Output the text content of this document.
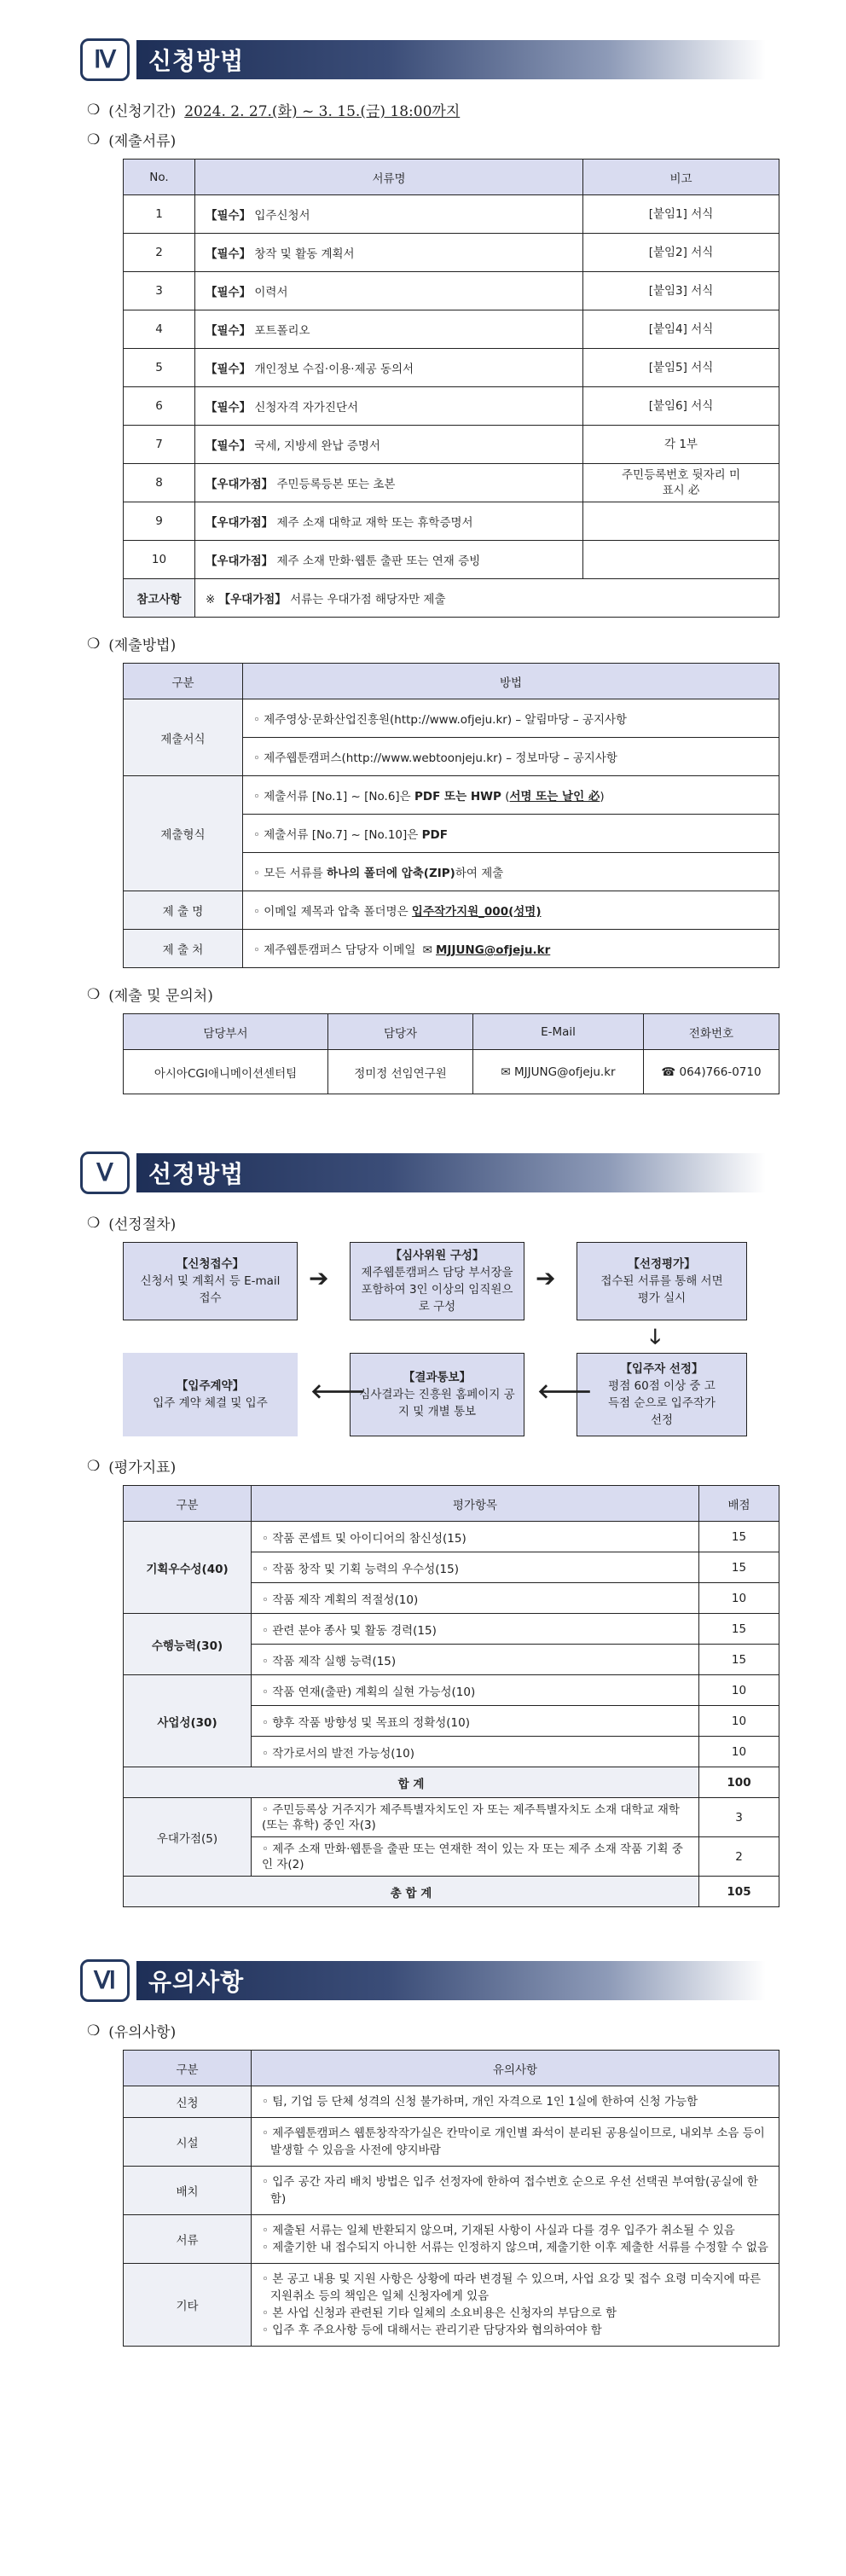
Ⅳ	신청방법
❍ (신청기간) 2024. 2. 27.(화) ~ 3. 15.(금) 18:00까지
❍ (제출서류)
No.	서류명	비고
1	【필수】 입주신청서	[붙임1] 서식
2	【필수】 창작 및 활동 계획서	[붙임2] 서식
3	【필수】 이력서	[붙임3] 서식
4	【필수】 포트폴리오	[붙임4] 서식
5	【필수】 개인정보 수집·이용·제공 동의서	[붙임5] 서식
6	【필수】 신청자격 자가진단서	[붙임6] 서식
7	【필수】 국세, 지방세 완납 증명서	각 1부
8	【우대가점】 주민등록등본 또는 초본	주민등록번호 뒷자리 미표시 必
9	【우대가점】 제주 소재 대학교 재학 또는 휴학증명서	
10	【우대가점】 제주 소재 만화·웹툰 출판 또는 연재 증빙	
참고사항	※ 【우대가점】 서류는 우대가점 해당자만 제출	
❍ (제출방법)
구분	방법
제출서식	◦ 제주영상·문화산업진흥원(http://www.ofjeju.kr) – 알림마당 – 공지사항
	◦ 제주웹툰캠퍼스(http://www.webtoonjeju.kr) – 정보마당 – 공지사항
제출형식	◦ 제출서류 [No.1] ~ [No.6]은 PDF 또는 HWP (서명 또는 날인 必)
	◦ 제출서류 [No.7] ~ [No.10]은 PDF
	◦ 모든 서류를 하나의 폴더에 압축(ZIP)하여 제출
제 출 명	◦ 이메일 제목과 압축 폴더명은 입주작가지원_000(성명)
제 출 처	◦ 제주웹툰캠퍼스 담당자 이메일 ✉ MJJUNG@ofjeju.kr
❍ (제출 및 문의처)
담당부서	담당자	E-Mail	전화번호
아시아CGI애니메이션센터팀	정미정 선임연구원	✉ MJJUNG@ofjeju.kr	☎ 064)766-0710
Ⅴ	선정방법
❍ (선정절차)
【신청접수】
신청서 및 계획서 등 E-mail 접수
➔
【심사위원 구성】
제주웹툰캠퍼스 담당 부서장을 포함하여 3인 이상의 임직원으로 구성
➔	【선정평가】
접수된 서류를 통해 서면평가 실시
🡓
【입주자 선정】
평점 60점 이상 중 고득점 순으로 입주작가 선정
🡐
【결과통보】
심사결과는 진흥원 홈페이지 공지 및 개별 통보
🡐
【입주계약】
입주 계약 체결 및 입주
❍ (평가지표)
구분	평가항목	배점
기획우수성(40)	◦ 작품 콘셉트 및 아이디어의 참신성(15)	15
	◦ 작품 창작 및 기획 능력의 우수성(15)	15
	◦ 작품 제작 계획의 적절성(10)	10
수행능력(30)	◦ 관련 분야 종사 및 활동 경력(15)	15
	◦ 작품 제작 실행 능력(15)	15
사업성(30)	◦ 작품 연재(출판) 계획의 실현 가능성(10)	10
	◦ 향후 작품 방향성 및 목표의 정확성(10)	10
	◦ 작가로서의 발전 가능성(10)	10
합 계		100
우대가점(5)	◦ 주민등록상 거주지가 제주특별자치도인 자 또는 제주특별자치도 소재 대학교 재학(또는 휴학) 중인 자(3)	3
	◦ 제주 소재 만화·웹툰을 출판 또는 연재한 적이 있는 자 또는 제주 소재 작품 기획 중인 자(2)	2
총 합 계		105
Ⅵ	유의사항
❍ (유의사항)
구분	유의사항
신청	◦ 팀, 기업 등 단체 성격의 신청 불가하며, 개인 자격으로 1인 1실에 한하여 신청 가능함

시설	◦ 제주웹툰캠퍼스 웹툰창작작가실은 칸막이로 개인별 좌석이 분리된 공용실이므로, 내외부 소음 등이 발생할 수 있음을 사전에 양지바람

배치	◦ 입주 공간 자리 배치 방법은 입주 선정자에 한하여 접수번호 순으로 우선 선택권 부여함(공실에 한함)

서류	◦ 제출된 서류는 일체 반환되지 않으며, 기재된 사항이 사실과 다를 경우 입주가 취소될 수 있음
◦ 제출기한 내 접수되지 아니한 서류는 인정하지 않으며, 제출기한 이후 제출한 서류를 수정할 수 없음

기타	◦ 본 공고 내용 및 지원 사항은 상황에 따라 변경될 수 있으며, 사업 요강 및 접수 요령 미숙지에 따른 지원취소 등의 책임은 일체 신청자에게 있음
◦ 본 사업 신청과 관련된 기타 일체의 소요비용은 신청자의 부담으로 함
◦ 입주 후 주요사항 등에 대해서는 관리기관 담당자와 협의하여야 함
